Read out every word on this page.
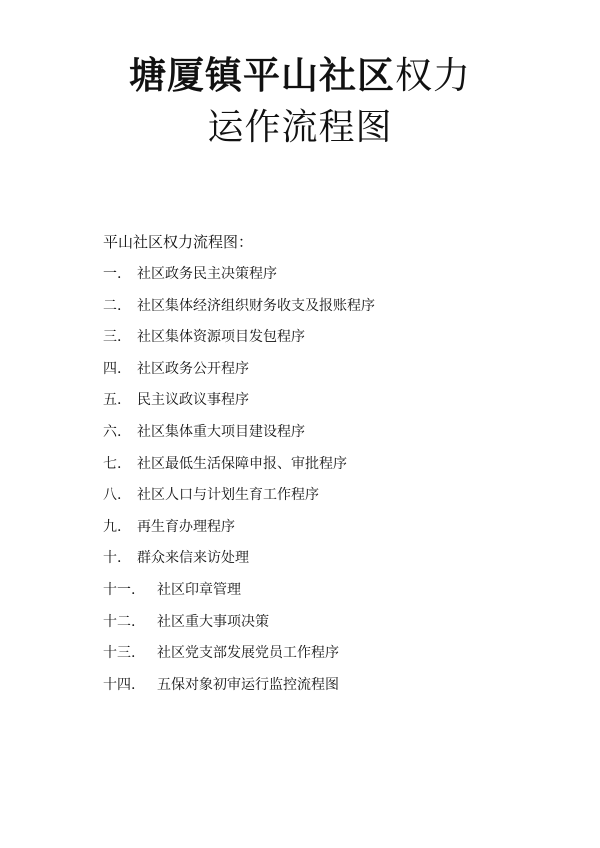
塘厦镇平山社区权力
运作流程图
平山社区权力流程图：
一.	社区政务民主决策程序
二.	社区集体经济组织财务收支及报账程序
三.	社区集体资源项目发包程序
四.	社区政务公开程序
五.	民主议政议事程序
六.	社区集体重大项目建设程序
七.	社区最低生活保障申报、审批程序
八.	社区人口与计划生育工作程序
九.	再生育办理程序
十.	群众来信来访处理
十一.	社区印章管理
十二.	社区重大事项决策
十三.	社区党支部发展党员工作程序
十四.	五保对象初审运行监控流程图
